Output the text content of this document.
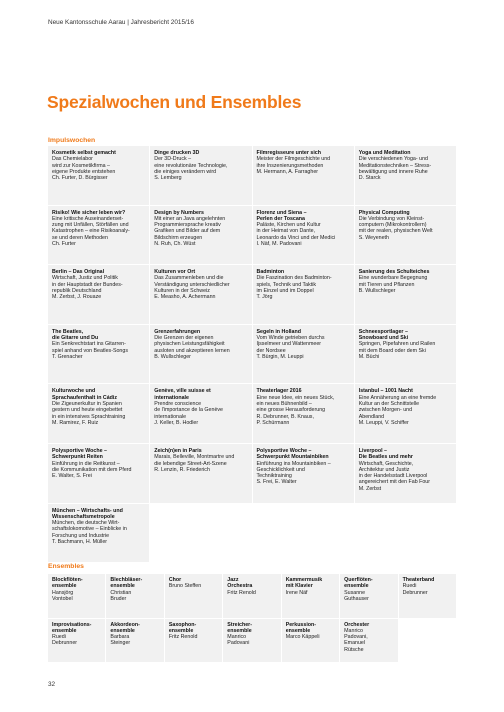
Neue Kantonsschule Aarau | Jahresbericht 2015/16
Spezialwochen und Ensembles
Impulswochen
Kosmetik selbst gemacht
Das Chemielabor
wird zur Kosmetikfirma –
eigene Produkte entstehen
Ch. Furter, D. Bürgisser
Dinge drucken 3D
Der 3D-Druck –
eine revolutionäre Technologie,
die einiges verändern wird
S. Lemberg
Filmregisseure unter sich
Meister der Filmgeschichte und
ihre Inszenierungsmethoden
M. Hermann, A. Farragher
Yoga und Meditation
Die verschiedenen Yoga- und
Meditationstechniken – Stress-
bewältigung und innere Ruhe
D. Starck
Risiko! Wie sicher leben wir?
Eine kritische Auseinanderset-
zung mit Unfällen, Störfällen und
Katastrophen – eine Risikoanaly-
se und deren Methoden
Ch. Furter
Design by Numbers
Mit einer an Java angelehnten
Programmiersprache kreativ
Grafiken und Bilder auf dem
Bildschirm erzeugen
N. Ruh, Ch. Wüst
Florenz und Siena –
Perlen der Toscana
Paläste, Kirchen und Kultur
in der Heimat von Dante,
Leonardo da Vinci und der Medici
I. Näf, M. Padovani
Physical Computing
Die Verbindung von Kleinst-
computern (Mikrokontrollern)
mit der realen, physischen Welt
S. Weyeneth
Berlin – Das Original
Wirtschaft, Justiz und Politik
in der Hauptstadt der Bundes-
republik Deutschland
M. Zerbst, J. Rouaze
Kulturen vor Ort
Das Zusammenleben und die
Verständigung unterschiedlicher
Kulturen in der Schweiz
E. Measho, A. Achermann
Badminton
Die Faszination des Badminton-
spiels, Technik und Taktik
im Einzel und im Doppel
T. Jörg
Sanierung des Schulteiches
Eine wunderbare Begegnung
mit Tieren und Pflanzen
B. Wullschleger
The Beatles,
die Gitarre und Du
Ein Senkrechtstart ins Gitarren-
spiel anhand von Beatles-Songs
T. Grenacher
Grenzerfahrungen
Die Grenzen der eigenen
physischen Leistungsfähigkeit
ausloten und akzeptieren lernen
B. Wullschleger
Segeln in Holland
Vom Winde getrieben durchs
Ijsselmeer und Wattenmeer
der Nordsee
T. Bürgin, M. Leuppi
Schneesportlager –
Snowboard und Ski
Springen, Pipefahren und Railen
mit dem Board oder dem Ski
M. Büchi
Kulturwoche und
Sprachaufenthalt in Cádiz
Die Zigeunerkultur in Spanien
gestern und heute eingebettet
in ein intensives Sprachtraining
M. Ramirez, F. Ruiz
Genève, ville suisse et
internationale
Prendre conscience
de l'importance de la Genève
internationale
J. Keller, B. Hodler
Theaterlager 2016
Eine neue Idee, ein neues Stück,
ein neues Bühnenbild –
eine grosse Herausforderung
R. Debrunner, B. Knaus,
P. Schürmann
Istanbul – 1001 Nacht
Eine Annäherung an eine fremde
Kultur an der Schnittstelle
zwischen Morgen- und
Abendland
M. Leuppi, V. Schiffer
Polysportive Woche –
Schwerpunkt Reiten
Einführung in die Reitkunst –
die Kommunikation mit dem Pferd
E. Walter, S. Frei
Zeich(n)en in Paris
Marais, Belleville, Montmartre und
die lebendige Street-Art-Szene
R. Lenzin, R. Friederich
Polysportive Woche –
Schwerpunkt Mountainbiken
Einführung ins Mountainbiken –
Geschicklichkeit und
Techniktraining
S. Frei, E. Walter
Liverpool –
Die Beatles und mehr
Wirtschaft, Geschichte,
Architektur und Justiz
in der Handelsstadt Liverpool
angereichert mit den Fab Four
M. Zerbst
München – Wirtschafts- und
Wissenschaftsmetropole
München, die deutsche Wirt-
schaftslokomotive – Einblicke in
Forschung und Industrie
T. Bachmann, H. Müller
Ensembles
Blockflöten-
ensemble
Hansjörg
Vontobel
Blechbläser-
ensemble
Christian
Bruder
Chor
Bruno Steffen
Jazz
Orchestra
Fritz Renold
Kammermusik
mit Klavier
Irene Näf
Querflöten-
ensemble
Susanne
Guthauser
Theaterband
Ruedi
Debrunner
Improvisations-
ensemble
Ruedi
Debrunner
Akkordeon-
ensemble
Barbara
Steinger
Saxophon-
ensemble
Fritz Renold
Streicher-
ensemble
Manrico
Padovani
Perkussion-
ensemble
Marco Käppeli
Orchester
Manrico
Padovani,
Emanuel
Rütsche
32
